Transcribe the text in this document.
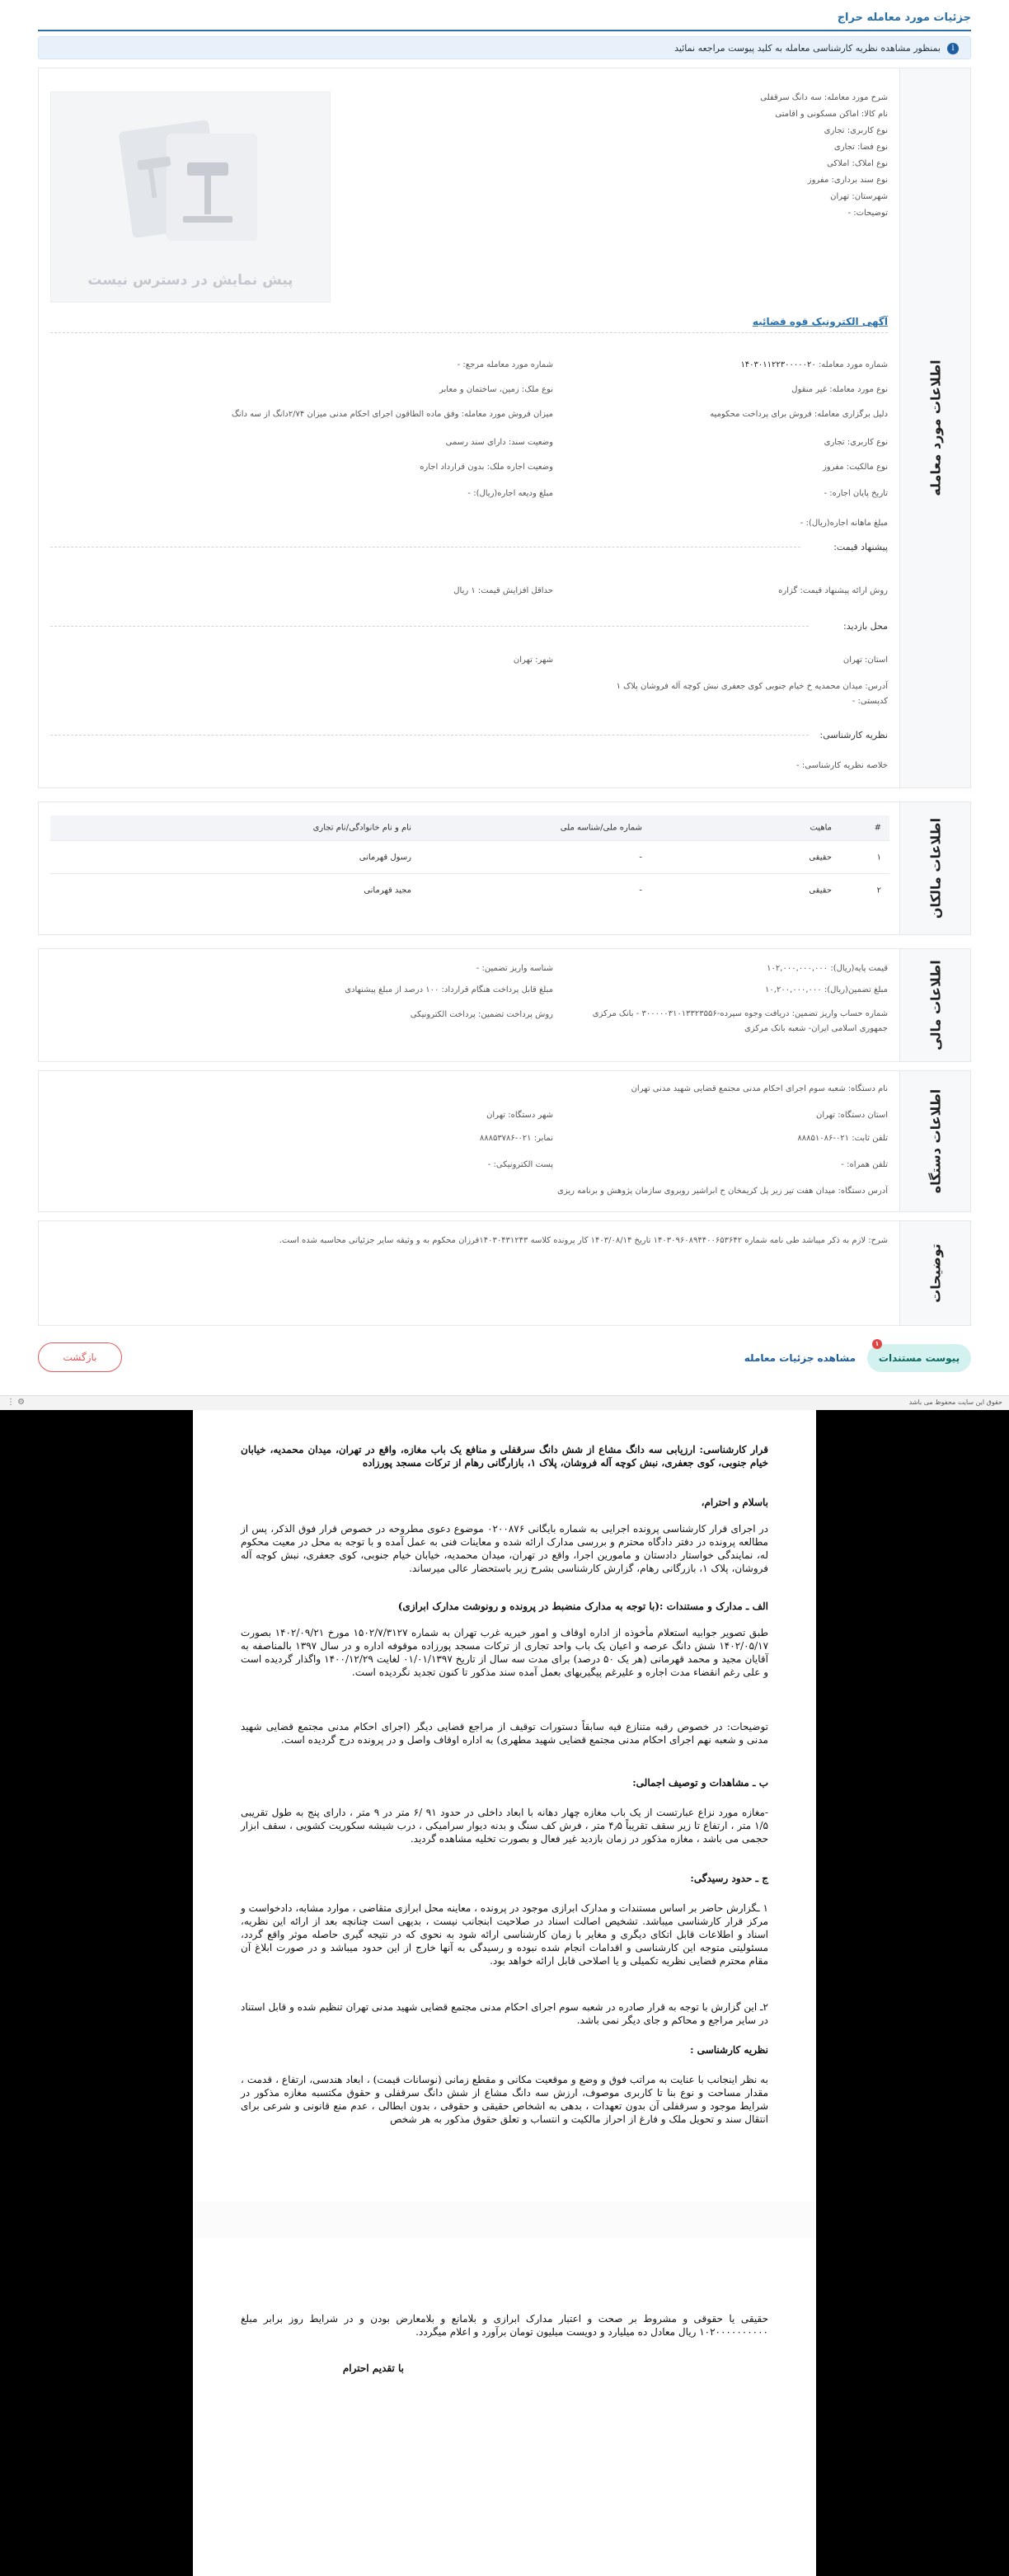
جزئیات مورد معامله حراج
i
بمنظور مشاهده نظریه کارشناسی معامله به کلید پیوست مراجعه نمائید
اطلاعات مورد معامله
شرح مورد معامله: سه دانگ سرقفلی
نام کالا: اماکن مسکونی و اقامتی
نوع کاربری: تجاری
نوع فضا: تجاری
نوع املاک: املاکی
نوع سند برداری: مفروز
شهرستان: تهران
توضیحات: -
پیش نمایش در دسترس نیست
آگهی الکترونیک قوه قضائیه
شماره مورد معامله: ۱۴۰۳۰۱۱۲۲۳۰۰۰۰۰۲۰
شماره مورد معامله مرجع: -
نوع مورد معامله: غیر منقول
نوع ملک: زمین، ساختمان و معابر
دلیل برگزاری معامله: فروش برای پرداخت محکومیه
میزان فروش مورد معامله: وفق ماده الطاقون اجرای احکام مدنی میزان ۲/۷۴دانگ از سه دانگ
نوع کاربری: تجاری
وضعیت سند: دارای سند رسمی
نوع مالکیت: مفروز
وضعیت اجاره ملک: بدون قرارداد اجاره
تاریخ پایان اجاره: -
مبلغ ودیعه اجاره(ریال): -
مبلغ ماهانه اجاره(ریال): -
پیشنهاد قیمت:
روش ارائه پیشنهاد قیمت: گزاره
حداقل افزایش قیمت: ۱ ریال
محل بازدید:
استان: تهران
شهر: تهران
آدرس: میدان محمدیه خ خیام جنوبی کوی جعفری نبش کوچه آله فروشان پلاک ۱
کدپستی: -
نظریه کارشناسی:
خلاصه نظریه کارشناسی: -
اطلاعات مالکان
#
ماهیت
شماره ملی/شناسه ملی
نام و نام خانوادگی/نام تجاری
۱
حقیقی
-
رسول قهرمانی
۲
حقیقی
-
مجید قهرمانی
اطلاعات مالی
قیمت پایه(ریال): ۱۰۲,۰۰۰,۰۰۰,۰۰۰
شناسه واریز تضمین: -
مبلغ تضمین(ریال): ۱۰,۲۰۰,۰۰۰,۰۰۰
مبلغ قابل پرداخت هنگام قرارداد: ۱۰۰ درصد از مبلغ پیشنهادی
شماره حساب واریز تضمین: دریافت وجوه سپرده-۳۰۰۰۰۰۳۱۰۱۳۳۲۳۵۵۶ - بانک مرکزی جمهوری اسلامی ایران- شعبه بانک مرکزی
روش پرداخت تضمین: پرداخت الکترونیکی
اطلاعات دستگاه
نام دستگاه: شعبه سوم اجرای احکام مدنی مجتمع قضایی شهید مدنی تهران
استان دستگاه: تهران
شهر دستگاه: تهران
تلفن ثابت: ۰۲۱-۸۸۸۵۱۰۸۶
نمابر: ۰۲۱-۸۸۸۵۳۷۸۶
تلفن همراه: -
پست الکترونیکی: -
آدرس دستگاه: میدان هفت تیر زیر پل کریمخان ح ابراشیر روبروی سازمان پژوهش و برنامه ریزی
توضیحات
شرح: لازم به ذکر میباشد طی نامه شماره ۱۴۰۳۰۹۶۰۸۹۴۴۰۰۶۵۳۶۴۲ تاریخ ۱۴۰۳/۰۸/۱۴ کار پرونده کلاسه ۱۴۰۳۰۴۳۱۲۴۳فرزان محکوم به و وثیقه سایر جزئیاتی محاسبه شده است.
پیوست مستندات
۱
مشاهده جزئیات معامله
بازگشت
حقوق این سایت محفوظ می باشد
⚙ ⋮
قرار کارشناسی: ارزیابی سه دانگ مشاع از شش دانگ سرقفلی و منافع یک باب مغازه، واقع در تهران، میدان محمدیه، خیابان خیام جنوبی، کوی جعفری، نبش کوچه آله فروشان، پلاک ۱، بازارگانی رهام از ترکات مسجد پورزاده
باسلام و احترام،
در اجرای قرار کارشناسی پرونده اجرایی به شماره بایگانی ۰۲۰۰۸۷۶ موضوع دعوی مطروحه در خصوص قرار فوق الذکر، پس از مطالعه پرونده در دفتر دادگاه محترم و بررسی مدارک ارائه شده و معاینات فنی به عمل آمده و با توجه به محل در معیت محکوم له، نمایندگی خواستار دادستان و مامورین اجرا، واقع در تهران، میدان محمدیه، خیابان خیام جنوبی، کوی جعفری، نبش کوچه آله فروشان، پلاک ۱، بازرگانی رهام، گزارش کارشناسی بشرح زیر باستحضار عالی میرساند.
الف ـ مدارک و مستندات :(با توجه به مدارک منضبط در پرونده و رونوشت مدارک ابرازی)
طبق تصویر جوابیه استعلام مأخوذه از اداره اوقاف و امور خیریه غرب تهران به شماره ۱۵۰۲/۷/۳۱۲۷ مورخ ۱۴۰۲/۰۹/۲۱ بصورت ۱۴۰۲/۰۵/۱۷ شش دانگ عرصه و اعیان یک باب واحد تجاری از ترکات مسجد پورزاده موقوفه اداره و در سال ۱۳۹۷ بالمناصفه به آقایان مجید و محمد قهرمانی (هر یک ۵۰ درصد) برای مدت سه سال از تاریخ ۰۱/۰۱/۱۳۹۷ لغایت ۱۴۰۰/۱۲/۲۹ واگذار گردیده است و علی رغم انقضاء مدت اجاره و علیرغم پیگیریهای بعمل آمده سند مذکور تا کنون تجدید نگردیده است.
توضیحات: در خصوص رقبه متنازع فیه سابقاً دستورات توقیف از مراجع قضایی دیگر (اجرای احکام مدنی مجتمع قضایی شهید مدنی و شعبه نهم اجرای احکام مدنی مجتمع قضایی شهید مطهری) به اداره اوقاف واصل و در پرونده درج گردیده است.
ب ـ مشاهدات و توصیف اجمالی:
-مغازه مورد نزاع عبارتست از یک باب مغازه چهار دهانه با ابعاد داخلی در حدود ۹۱ /۶ متر در ۹ متر ، دارای پنج به طول تقریبی ۱/۵ متر ، ارتفاع تا زیر سقف تقریباً ۴٫۵ متر ، فرش کف سنگ و بدنه دیوار سرامیکی ، درب شیشه سکوریت کشویی ، سقف ابزار حجمی می باشد ، مغازه مذکور در زمان بازدید غیر فعال و بصورت تخلیه مشاهده گردید.
ج ـ حدود رسیدگی:
۱ ـگزارش حاضر بر اساس مستندات و مدارک ابرازی موجود در پرونده ، معاینه محل ابرازی متقاضی ، موارد مشابه، دادخواست و مرکز قرار کارشناسی میباشد. تشخیص اصالت اسناد در صلاحیت ابنجانب نیست ، بدیهی است چنانچه بعد از ارائه این نظریه، اسناد و اطلاعات قابل اتکای دیگری و مغایر با زمان کارشناسی ارائه شود به نحوی که در نتیجه گیری حاصله موثر واقع گردد، مسئولیتی متوجه این کارشناسی و اقدامات انجام شده نبوده و رسیدگی به آنها خارج از این حدود میباشد و در صورت ابلاغ آن مقام محترم قضایی نظریه تکمیلی و یا اصلاحی قابل ارائه خواهد بود.
۲ـ این گزارش با توجه به قرار صادره در شعبه سوم اجرای احکام مدنی مجتمع قضایی شهید مدنی تهران تنظیم شده و قابل استناد در سایر مراجع و محاکم و جای دیگر نمی باشد.
نظریه کارشناسی :
به نظر اینجانب با عنایت به مراتب فوق و وضع و موقعیت مکانی و مقطع زمانی (نوسانات قیمت) ، ابعاد هندسی، ارتفاع ، قدمت ، مقدار مساحت و نوع بنا تا کاربری موصوف، ارزش سه دانگ مشاع از شش دانگ سرقفلی و حقوق مکتسبه مغازه مذکور در شرایط موجود و سرقفلی آن بدون تعهدات ، بدهی به اشخاص حقیقی و حقوقی ، بدون ابطالی ، عدم منع قانونی و شرعی برای انتقال سند و تحویل ملک و فارغ از احراز مالکیت و انتساب و تعلق حقوق مذکور به هر شخص
حقیقی یا حقوقی و مشروط بر صحت و اعتبار مدارک ابرازی و بلامانع و بلامعارض بودن و در شرایط روز برابر مبلغ ۱۰۲۰۰۰۰۰۰۰۰۰۰ ریال معادل ده میلیارد و دویست میلیون تومان برآورد و اعلام میگردد.
با تقدیم احترام
